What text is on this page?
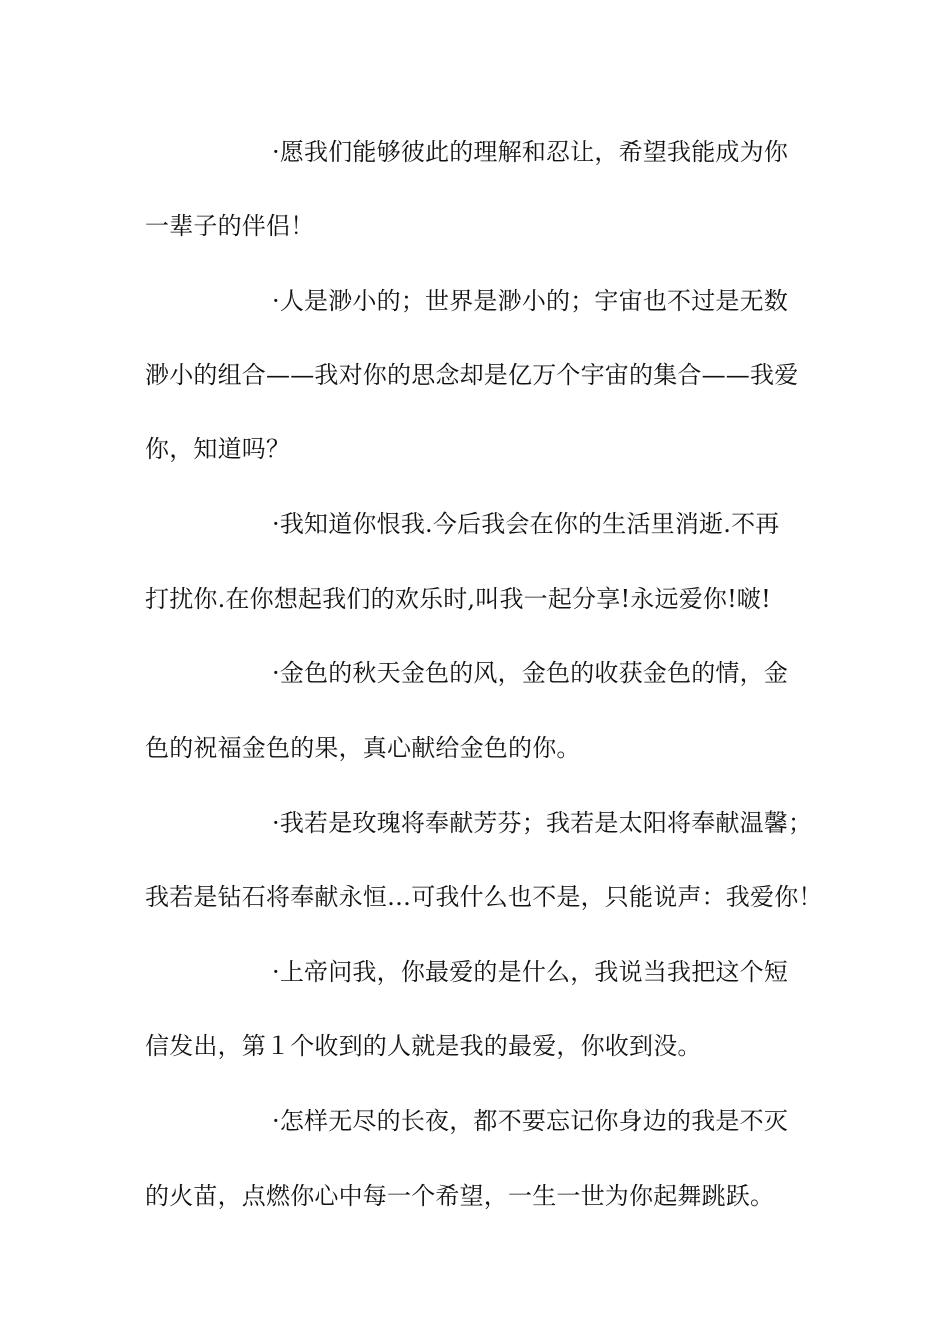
·愿我们能够彼此的理解和忍让，希望我能成为你
一辈子的伴侣！
·人是渺小的；世界是渺小的；宇宙也不过是无数
渺小的组合——我对你的思念却是亿万个宇宙的集合——我爱
你，知道吗？
·我知道你恨我.今后我会在你的生活里消逝.不再
打扰你.在你想起我们的欢乐时,叫我一起分享!永远爱你!啵!
·金色的秋天金色的风，金色的收获金色的情，金
色的祝福金色的果，真心献给金色的你。
·我若是玫瑰将奉献芳芬；我若是太阳将奉献温馨；
我若是钻石将奉献永恒…可我什么也不是，只能说声：我爱你！
·上帝问我，你最爱的是什么，我说当我把这个短
信发出，第１个收到的人就是我的最爱，你收到没。
·怎样无尽的长夜，都不要忘记你身边的我是不灭
的火苗，点燃你心中每一个希望，一生一世为你起舞跳跃。
